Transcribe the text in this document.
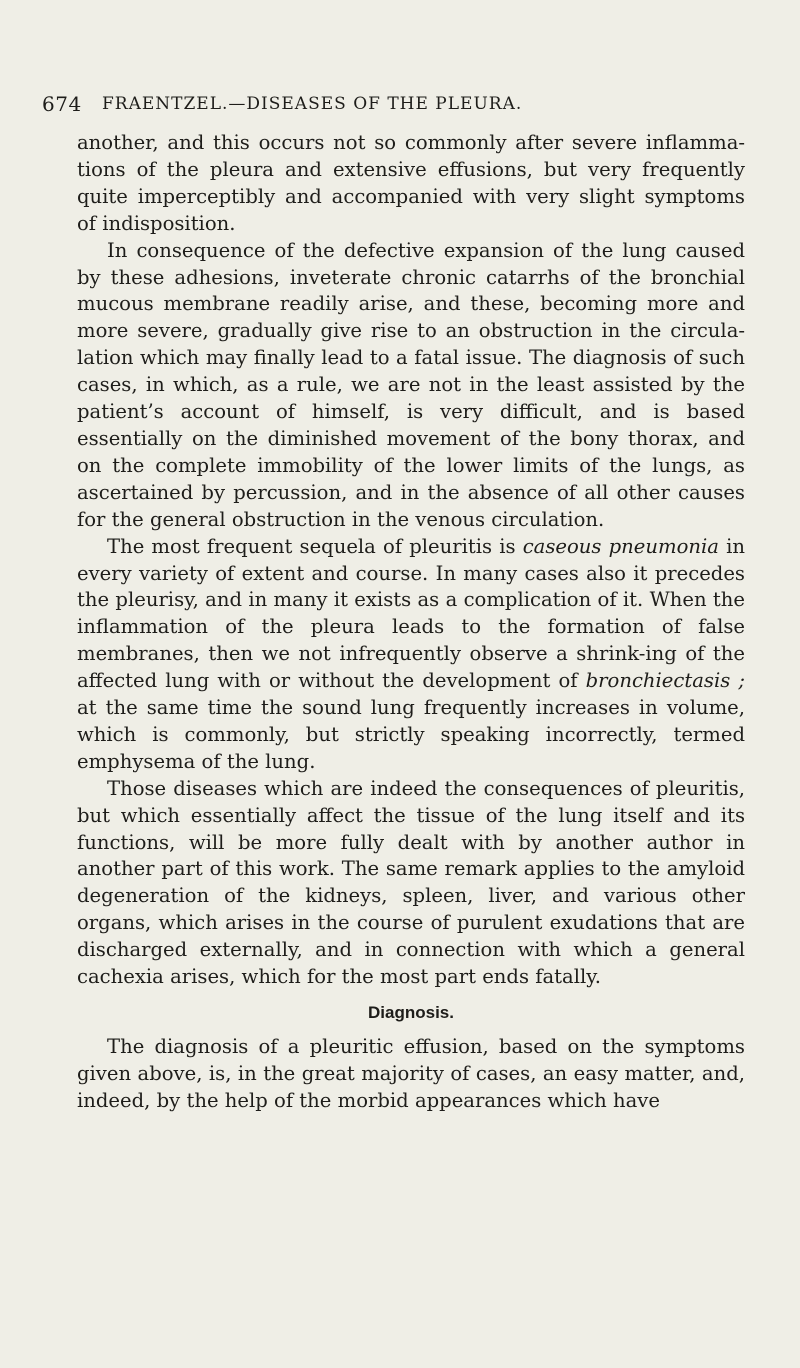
674 FRAENTZEL.—DISEASES OF THE PLEURA.

another, and this occurs not so commonly after severe inflamma-tions of the pleura and extensive effusions, but very frequently quite imperceptibly and accompanied with very slight symptoms of indisposition.

In consequence of the defective expansion of the lung caused by these adhesions, inveterate chronic catarrhs of the bronchial mucous membrane readily arise, and these, becoming more and more severe, gradually give rise to an obstruction in the circula-lation which may finally lead to a fatal issue. The diagnosis of such cases, in which, as a rule, we are not in the least assisted by the patient’s account of himself, is very difficult, and is based essentially on the diminished movement of the bony thorax, and on the complete immobility of the lower limits of the lungs, as ascertained by percussion, and in the absence of all other causes for the general obstruction in the venous circulation.

The most frequent sequela of pleuritis is caseous pneumonia in every variety of extent and course. In many cases also it precedes the pleurisy, and in many it exists as a complication of it. When the inflammation of the pleura leads to the formation of false membranes, then we not infrequently observe a shrink-ing of the affected lung with or without the development of bronchiectasis ; at the same time the sound lung frequently increases in volume, which is commonly, but strictly speaking incorrectly, termed emphysema of the lung.

Those diseases which are indeed the consequences of pleuritis, but which essentially affect the tissue of the lung itself and its functions, will be more fully dealt with by another author in another part of this work. The same remark applies to the amyloid degeneration of the kidneys, spleen, liver, and various other organs, which arises in the course of purulent exudations that are discharged externally, and in connection with which a general cachexia arises, which for the most part ends fatally.

Diagnosis.

The diagnosis of a pleuritic effusion, based on the symptoms given above, is, in the great majority of cases, an easy matter, and, indeed, by the help of the morbid appearances which have
